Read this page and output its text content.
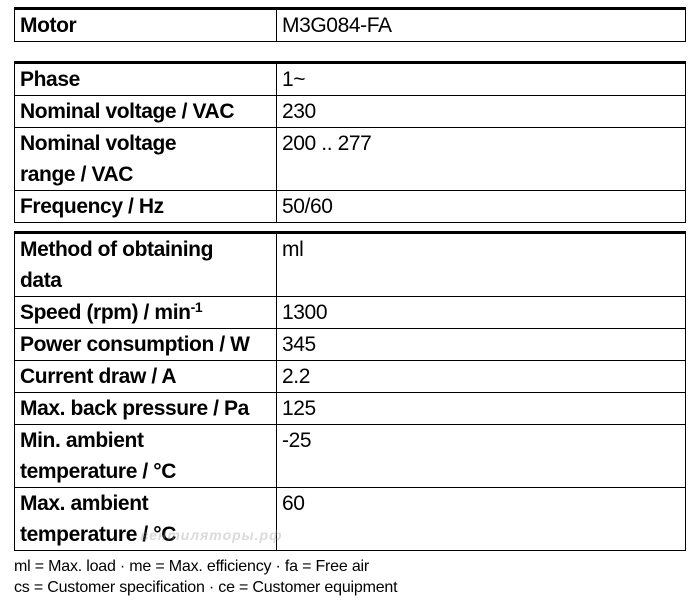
Motor	M3G084-FA
Phase	1~
Nominal voltage / VAC	230
Nominal voltage
range / VAC	200 .. 277
Frequency / Hz	50/60
Method of obtaining
data	ml
Speed $(rpm) / \min^{-1}$	1300
Power consumption / W	345
Current draw / A	2.2
Max. back pressure / Pa	125
Min. ambient
temperature / °C	-25
Max. ambient
temperature / °C	60
вентиляторы.рф
ml = Max. load · me = Max. efficiency · fa = Free air
cs = Customer specification · ce = Customer equipment
